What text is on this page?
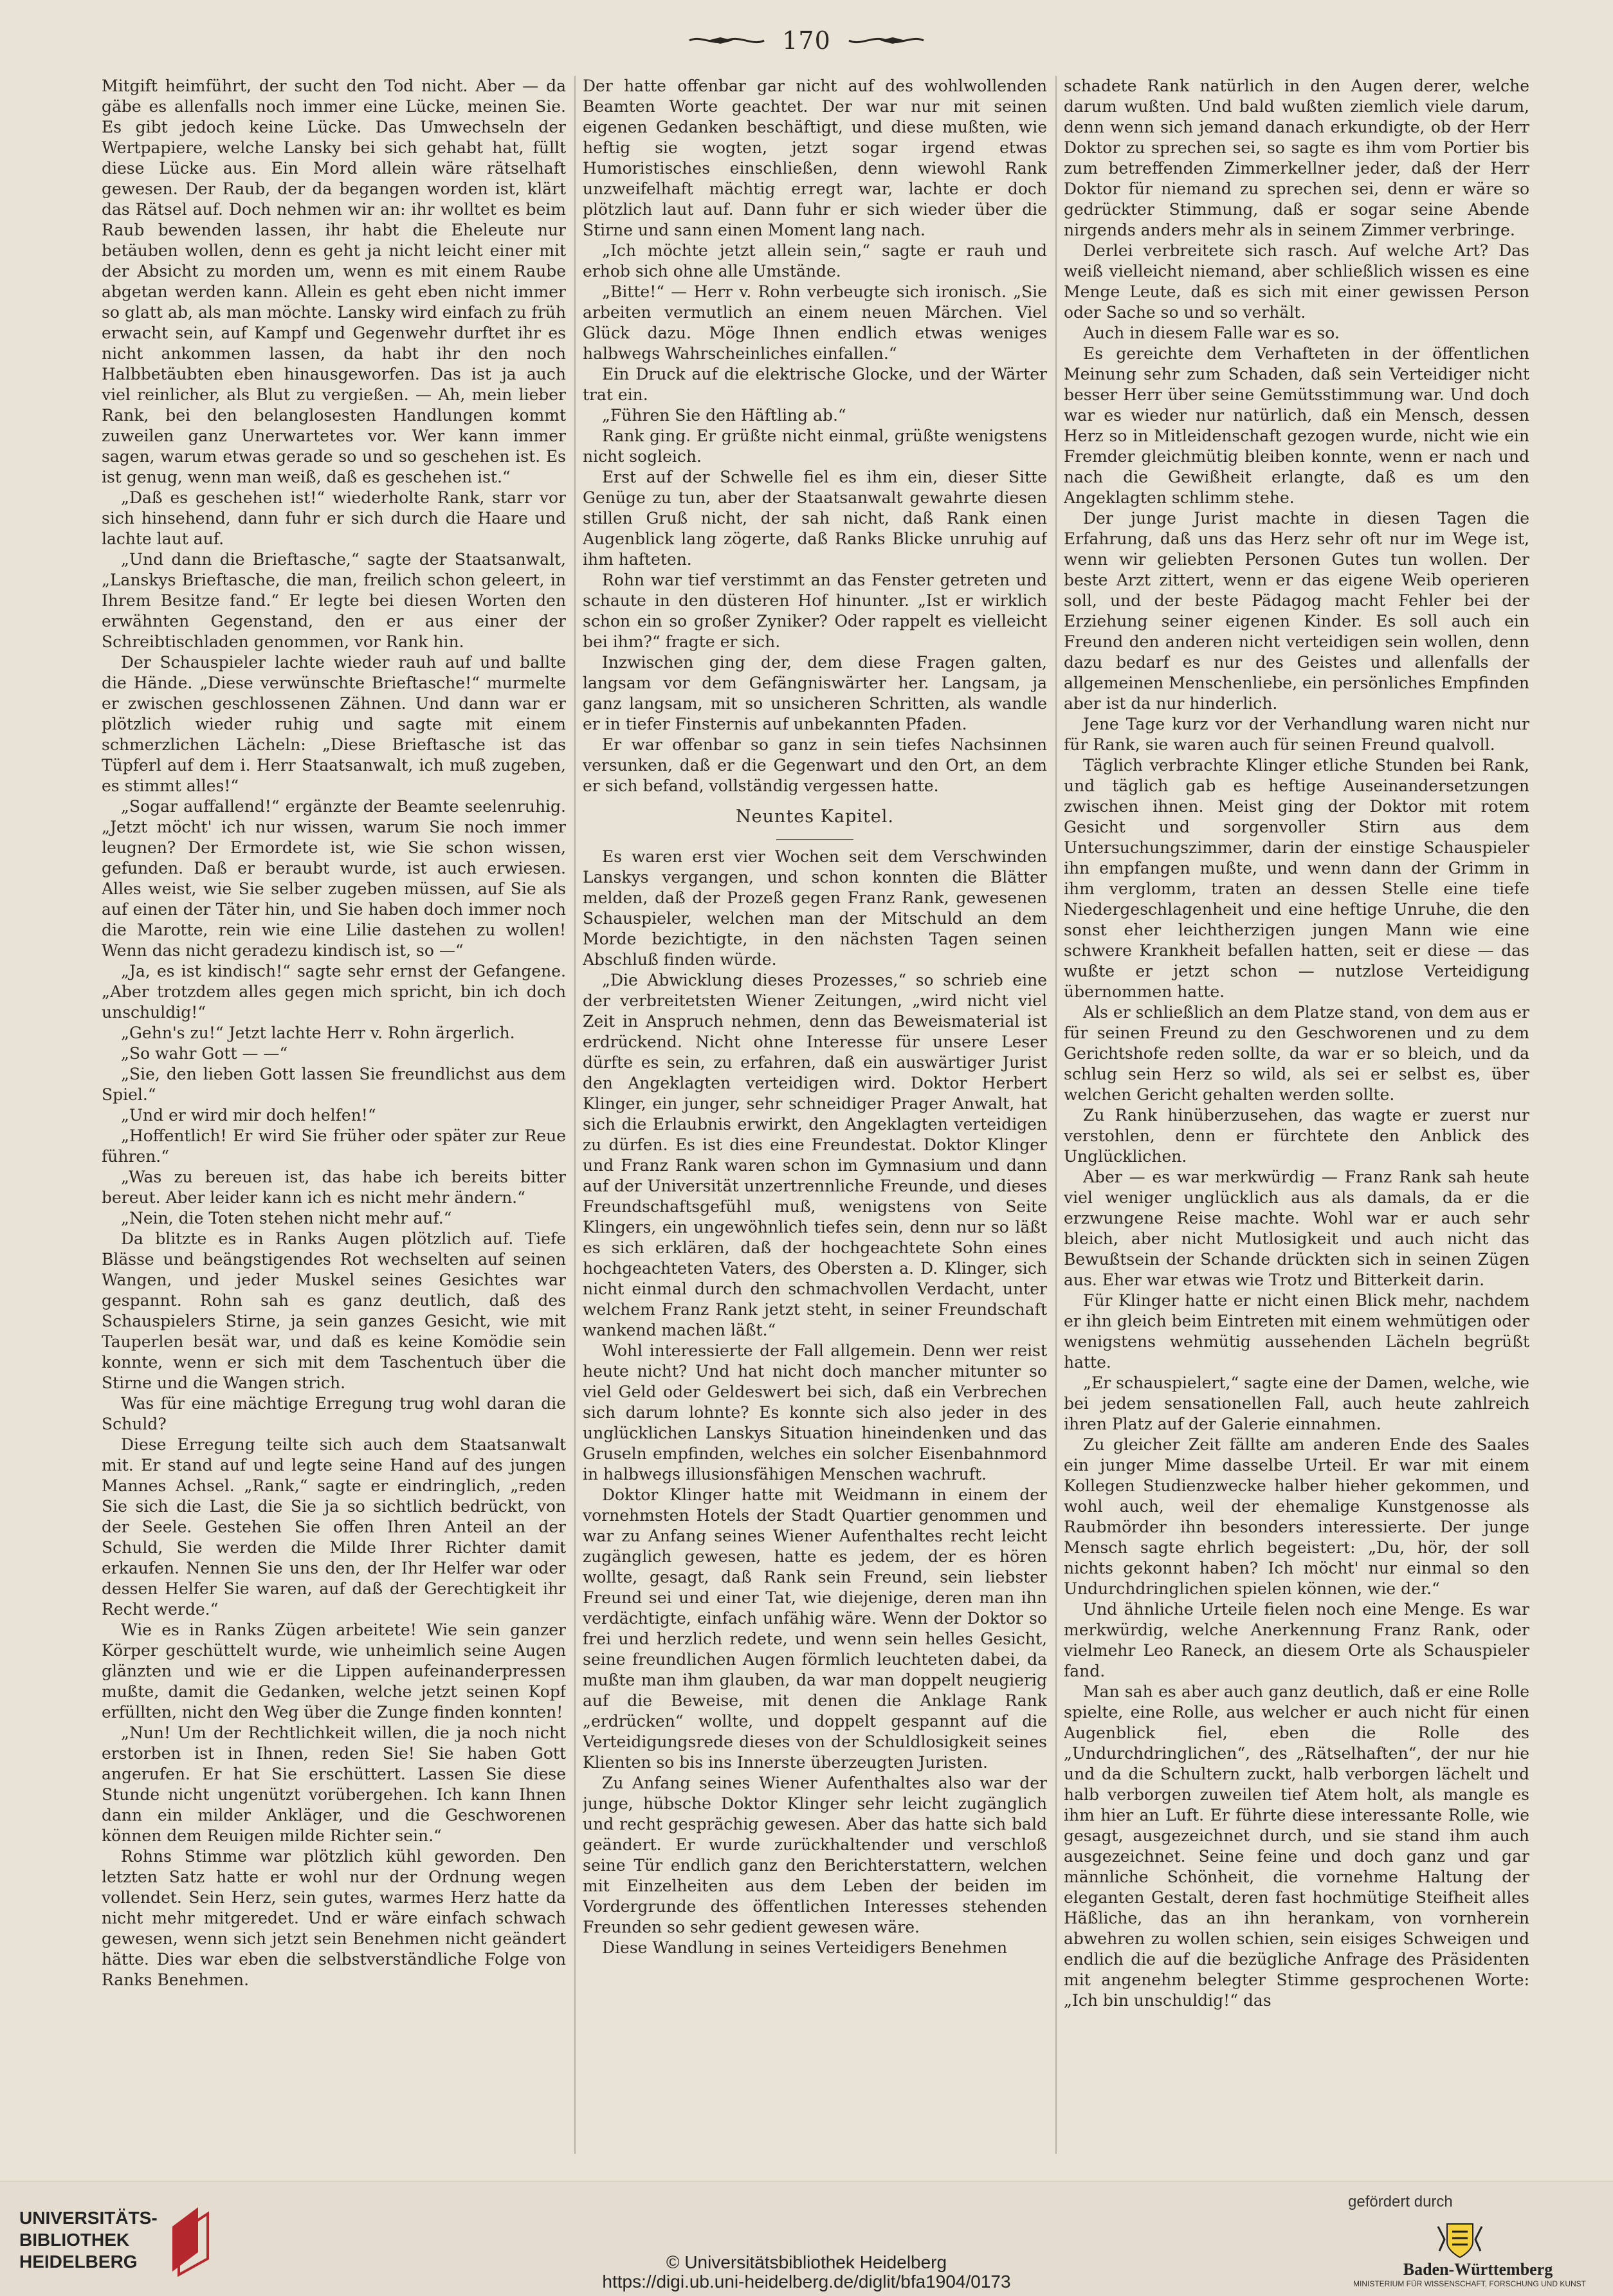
170

Mitgift heimführt, der sucht den Tod nicht. Aber — da gäbe es allenfalls noch immer eine Lücke, meinen Sie. Es gibt jedoch keine Lücke. Das Umwechseln der Wertpapiere, welche Lansky bei sich gehabt hat, füllt diese Lücke aus. Ein Mord allein wäre rätselhaft gewesen. Der Raub, der da begangen worden ist, klärt das Rätsel auf. Doch nehmen wir an: ihr wolltet es beim Raub bewenden lassen, ihr habt die Eheleute nur betäuben wollen, denn es geht ja nicht leicht einer mit der Absicht zu morden um, wenn es mit einem Raube abgetan werden kann. Allein es geht eben nicht immer so glatt ab, als man möchte. Lansky wird einfach zu früh erwacht sein, auf Kampf und Gegenwehr durftet ihr es nicht ankommen lassen, da habt ihr den noch Halbbetäubten eben hinausgeworfen. Das ist ja auch viel reinlicher, als Blut zu vergießen. — Ah, mein lieber Rank, bei den belanglosesten Handlungen kommt zuweilen ganz Unerwartetes vor. Wer kann immer sagen, warum etwas gerade so und so geschehen ist. Es ist genug, wenn man weiß, daß es geschehen ist.“

„Daß es geschehen ist!“ wiederholte Rank, starr vor sich hinsehend, dann fuhr er sich durch die Haare und lachte laut auf.

„Und dann die Brieftasche,“ sagte der Staatsanwalt, „Lanskys Brieftasche, die man, freilich schon geleert, in Ihrem Besitze fand.“ Er legte bei diesen Worten den erwähnten Gegenstand, den er aus einer der Schreibtischladen genommen, vor Rank hin.

Der Schauspieler lachte wieder rauh auf und ballte die Hände. „Diese verwünschte Brieftasche!“ murmelte er zwischen geschlossenen Zähnen. Und dann war er plötzlich wieder ruhig und sagte mit einem schmerzlichen Lächeln: „Diese Brieftasche ist das Tüpferl auf dem i. Herr Staatsanwalt, ich muß zugeben, es stimmt alles!“

„Sogar auffallend!“ ergänzte der Beamte seelenruhig. „Jetzt möcht' ich nur wissen, warum Sie noch immer leugnen? Der Ermordete ist, wie Sie schon wissen, gefunden. Daß er beraubt wurde, ist auch erwiesen. Alles weist, wie Sie selber zugeben müssen, auf Sie als auf einen der Täter hin, und Sie haben doch immer noch die Marotte, rein wie eine Lilie dastehen zu wollen! Wenn das nicht geradezu kindisch ist, so —“

„Ja, es ist kindisch!“ sagte sehr ernst der Gefangene. „Aber trotzdem alles gegen mich spricht, bin ich doch unschuldig!“

„Gehn's zu!“ Jetzt lachte Herr v. Rohn ärgerlich.

„So wahr Gott — —“

„Sie, den lieben Gott lassen Sie freundlichst aus dem Spiel.“

„Und er wird mir doch helfen!“

„Hoffentlich! Er wird Sie früher oder später zur Reue führen.“

„Was zu bereuen ist, das habe ich bereits bitter bereut. Aber leider kann ich es nicht mehr ändern.“

„Nein, die Toten stehen nicht mehr auf.“

Da blitzte es in Ranks Augen plötzlich auf. Tiefe Blässe und beängstigendes Rot wechselten auf seinen Wangen, und jeder Muskel seines Gesichtes war gespannt. Rohn sah es ganz deutlich, daß des Schauspielers Stirne, ja sein ganzes Gesicht, wie mit Tauperlen besät war, und daß es keine Komödie sein konnte, wenn er sich mit dem Taschentuch über die Stirne und die Wangen strich.

Was für eine mächtige Erregung trug wohl daran die Schuld?

Diese Erregung teilte sich auch dem Staatsanwalt mit. Er stand auf und legte seine Hand auf des jungen Mannes Achsel. „Rank,“ sagte er eindringlich, „reden Sie sich die Last, die Sie ja so sichtlich bedrückt, von der Seele. Gestehen Sie offen Ihren Anteil an der Schuld, Sie werden die Milde Ihrer Richter damit erkaufen. Nennen Sie uns den, der Ihr Helfer war oder dessen Helfer Sie waren, auf daß der Gerechtigkeit ihr Recht werde.“

Wie es in Ranks Zügen arbeitete! Wie sein ganzer Körper geschüttelt wurde, wie unheimlich seine Augen glänzten und wie er die Lippen aufeinanderpressen mußte, damit die Gedanken, welche jetzt seinen Kopf erfüllten, nicht den Weg über die Zunge finden konnten!

„Nun! Um der Rechtlichkeit willen, die ja noch nicht erstorben ist in Ihnen, reden Sie! Sie haben Gott angerufen. Er hat Sie erschüttert. Lassen Sie diese Stunde nicht ungenützt vorübergehen. Ich kann Ihnen dann ein milder Ankläger, und die Geschworenen können dem Reuigen milde Richter sein.“

Rohns Stimme war plötzlich kühl geworden. Den letzten Satz hatte er wohl nur der Ordnung wegen vollendet. Sein Herz, sein gutes, warmes Herz hatte da nicht mehr mitgeredet. Und er wäre einfach schwach gewesen, wenn sich jetzt sein Benehmen nicht geändert hätte. Dies war eben die selbstverständliche Folge von Ranks Benehmen.

Der hatte offenbar gar nicht auf des wohlwollenden Beamten Worte geachtet. Der war nur mit seinen eigenen Gedanken beschäftigt, und diese mußten, wie heftig sie wogten, jetzt sogar irgend etwas Humoristisches einschließen, denn wiewohl Rank unzweifelhaft mächtig erregt war, lachte er doch plötzlich laut auf. Dann fuhr er sich wieder über die Stirne und sann einen Moment lang nach.

„Ich möchte jetzt allein sein,“ sagte er rauh und erhob sich ohne alle Umstände.

„Bitte!“ — Herr v. Rohn verbeugte sich ironisch. „Sie arbeiten vermutlich an einem neuen Märchen. Viel Glück dazu. Möge Ihnen endlich etwas weniges halbwegs Wahrscheinliches einfallen.“

Ein Druck auf die elektrische Glocke, und der Wärter trat ein.

„Führen Sie den Häftling ab.“

Rank ging. Er grüßte nicht einmal, grüßte wenigstens nicht sogleich.

Erst auf der Schwelle fiel es ihm ein, dieser Sitte Genüge zu tun, aber der Staatsanwalt gewahrte diesen stillen Gruß nicht, der sah nicht, daß Rank einen Augenblick lang zögerte, daß Ranks Blicke unruhig auf ihm hafteten.

Rohn war tief verstimmt an das Fenster getreten und schaute in den düsteren Hof hinunter. „Ist er wirklich schon ein so großer Zyniker? Oder rappelt es vielleicht bei ihm?“ fragte er sich.

Inzwischen ging der, dem diese Fragen galten, langsam vor dem Gefängniswärter her. Langsam, ja ganz langsam, mit so unsicheren Schritten, als wandle er in tiefer Finsternis auf unbekannten Pfaden.

Er war offenbar so ganz in sein tiefes Nachsinnen versunken, daß er die Gegenwart und den Ort, an dem er sich befand, vollständig vergessen hatte.

Neuntes Kapitel.

Es waren erst vier Wochen seit dem Verschwinden Lanskys vergangen, und schon konnten die Blätter melden, daß der Prozeß gegen Franz Rank, gewesenen Schauspieler, welchen man der Mitschuld an dem Morde bezichtigte, in den nächsten Tagen seinen Abschluß finden würde.

„Die Abwicklung dieses Prozesses,“ so schrieb eine der verbreitetsten Wiener Zeitungen, „wird nicht viel Zeit in Anspruch nehmen, denn das Beweismaterial ist erdrückend. Nicht ohne Interesse für unsere Leser dürfte es sein, zu erfahren, daß ein auswärtiger Jurist den Angeklagten verteidigen wird. Doktor Herbert Klinger, ein junger, sehr schneidiger Prager Anwalt, hat sich die Erlaubnis erwirkt, den Angeklagten verteidigen zu dürfen. Es ist dies eine Freundestat. Doktor Klinger und Franz Rank waren schon im Gymnasium und dann auf der Universität unzertrennliche Freunde, und dieses Freundschaftsgefühl muß, wenigstens von Seite Klingers, ein ungewöhnlich tiefes sein, denn nur so läßt es sich erklären, daß der hochgeachtete Sohn eines hochgeachteten Vaters, des Obersten a. D. Klinger, sich nicht einmal durch den schmachvollen Verdacht, unter welchem Franz Rank jetzt steht, in seiner Freundschaft wankend machen läßt.“

Wohl interessierte der Fall allgemein. Denn wer reist heute nicht? Und hat nicht doch mancher mitunter so viel Geld oder Geldeswert bei sich, daß ein Verbrechen sich darum lohnte? Es konnte sich also jeder in des unglücklichen Lanskys Situation hineindenken und das Gruseln empfinden, welches ein solcher Eisenbahnmord in halbwegs illusionsfähigen Menschen wachruft.

Doktor Klinger hatte mit Weidmann in einem der vornehmsten Hotels der Stadt Quartier genommen und war zu Anfang seines Wiener Aufenthaltes recht leicht zugänglich gewesen, hatte es jedem, der es hören wollte, gesagt, daß Rank sein Freund, sein liebster Freund sei und einer Tat, wie diejenige, deren man ihn verdächtigte, einfach unfähig wäre. Wenn der Doktor so frei und herzlich redete, und wenn sein helles Gesicht, seine freundlichen Augen förmlich leuchteten dabei, da mußte man ihm glauben, da war man doppelt neugierig auf die Beweise, mit denen die Anklage Rank „erdrücken“ wollte, und doppelt gespannt auf die Verteidigungsrede dieses von der Schuldlosigkeit seines Klienten so bis ins Innerste überzeugten Juristen.

Zu Anfang seines Wiener Aufenthaltes also war der junge, hübsche Doktor Klinger sehr leicht zugänglich und recht gesprächig gewesen. Aber das hatte sich bald geändert. Er wurde zurückhaltender und verschloß seine Tür endlich ganz den Berichterstattern, welchen mit Einzelheiten aus dem Leben der beiden im Vordergrunde des öffentlichen Interesses stehenden Freunden so sehr gedient gewesen wäre.

Diese Wandlung in seines Verteidigers Benehmen

schadete Rank natürlich in den Augen derer, welche darum wußten. Und bald wußten ziemlich viele darum, denn wenn sich jemand danach erkundigte, ob der Herr Doktor zu sprechen sei, so sagte es ihm vom Portier bis zum betreffenden Zimmerkellner jeder, daß der Herr Doktor für niemand zu sprechen sei, denn er wäre so gedrückter Stimmung, daß er sogar seine Abende nirgends anders mehr als in seinem Zimmer verbringe.

Derlei verbreitete sich rasch. Auf welche Art? Das weiß vielleicht niemand, aber schließlich wissen es eine Menge Leute, daß es sich mit einer gewissen Person oder Sache so und so verhält.

Auch in diesem Falle war es so.

Es gereichte dem Verhafteten in der öffentlichen Meinung sehr zum Schaden, daß sein Verteidiger nicht besser Herr über seine Gemütsstimmung war. Und doch war es wieder nur natürlich, daß ein Mensch, dessen Herz so in Mitleidenschaft gezogen wurde, nicht wie ein Fremder gleichmütig bleiben konnte, wenn er nach und nach die Gewißheit erlangte, daß es um den Angeklagten schlimm stehe.

Der junge Jurist machte in diesen Tagen die Erfahrung, daß uns das Herz sehr oft nur im Wege ist, wenn wir geliebten Personen Gutes tun wollen. Der beste Arzt zittert, wenn er das eigene Weib operieren soll, und der beste Pädagog macht Fehler bei der Erziehung seiner eigenen Kinder. Es soll auch ein Freund den anderen nicht verteidigen sein wollen, denn dazu bedarf es nur des Geistes und allenfalls der allgemeinen Menschenliebe, ein persönliches Empfinden aber ist da nur hinderlich.

Jene Tage kurz vor der Verhandlung waren nicht nur für Rank, sie waren auch für seinen Freund qualvoll.

Täglich verbrachte Klinger etliche Stunden bei Rank, und täglich gab es heftige Auseinandersetzungen zwischen ihnen. Meist ging der Doktor mit rotem Gesicht und sorgenvoller Stirn aus dem Untersuchungszimmer, darin der einstige Schauspieler ihn empfangen mußte, und wenn dann der Grimm in ihm verglomm, traten an dessen Stelle eine tiefe Niedergeschlagenheit und eine heftige Unruhe, die den sonst eher leichtherzigen jungen Mann wie eine schwere Krankheit befallen hatten, seit er diese — das wußte er jetzt schon — nutzlose Verteidigung übernommen hatte.

Als er schließlich an dem Platze stand, von dem aus er für seinen Freund zu den Geschworenen und zu dem Gerichtshofe reden sollte, da war er so bleich, und da schlug sein Herz so wild, als sei er selbst es, über welchen Gericht gehalten werden sollte.

Zu Rank hinüberzusehen, das wagte er zuerst nur verstohlen, denn er fürchtete den Anblick des Unglücklichen.

Aber — es war merkwürdig — Franz Rank sah heute viel weniger unglücklich aus als damals, da er die erzwungene Reise machte. Wohl war er auch sehr bleich, aber nicht Mutlosigkeit und auch nicht das Bewußtsein der Schande drückten sich in seinen Zügen aus. Eher war etwas wie Trotz und Bitterkeit darin.

Für Klinger hatte er nicht einen Blick mehr, nachdem er ihn gleich beim Eintreten mit einem wehmütigen oder wenigstens wehmütig aussehenden Lächeln begrüßt hatte.

„Er schauspielert,“ sagte eine der Damen, welche, wie bei jedem sensationellen Fall, auch heute zahlreich ihren Platz auf der Galerie einnahmen.

Zu gleicher Zeit fällte am anderen Ende des Saales ein junger Mime dasselbe Urteil. Er war mit einem Kollegen Studienzwecke halber hieher gekommen, und wohl auch, weil der ehemalige Kunstgenosse als Raubmörder ihn besonders interessierte. Der junge Mensch sagte ehrlich begeistert: „Du, hör, der soll nichts gekonnt haben? Ich möcht' nur einmal so den Undurchdringlichen spielen können, wie der.“

Und ähnliche Urteile fielen noch eine Menge. Es war merkwürdig, welche Anerkennung Franz Rank, oder vielmehr Leo Raneck, an diesem Orte als Schauspieler fand.

Man sah es aber auch ganz deutlich, daß er eine Rolle spielte, eine Rolle, aus welcher er auch nicht für einen Augenblick fiel, eben die Rolle des „Undurchdringlichen“, des „Rätselhaften“, der nur hie und da die Schultern zuckt, halb verborgen lächelt und halb verborgen zuweilen tief Atem holt, als mangle es ihm hier an Luft. Er führte diese interessante Rolle, wie gesagt, ausgezeichnet durch, und sie stand ihm auch ausgezeichnet. Seine feine und doch ganz und gar männliche Schönheit, die vornehme Haltung der eleganten Gestalt, deren fast hochmütige Steifheit alles Häßliche, das an ihn herankam, von vornherein abwehren zu wollen schien, sein eisiges Schweigen und endlich die auf die bezügliche Anfrage des Präsidenten mit angenehm belegter Stimme gesprochenen Worte: „Ich bin unschuldig!“ das

UNIVERSITÄTS-
BIBLIOTHEK
HEIDELBERG	© Universitätsbibliothek Heidelberg
https://digi.ub.uni-heidelberg.de/diglit/bfa1904/0173
gefördert durch
Baden-Württemberg
MINISTERIUM FÜR WISSENSCHAFT, FORSCHUNG UND KUNST
